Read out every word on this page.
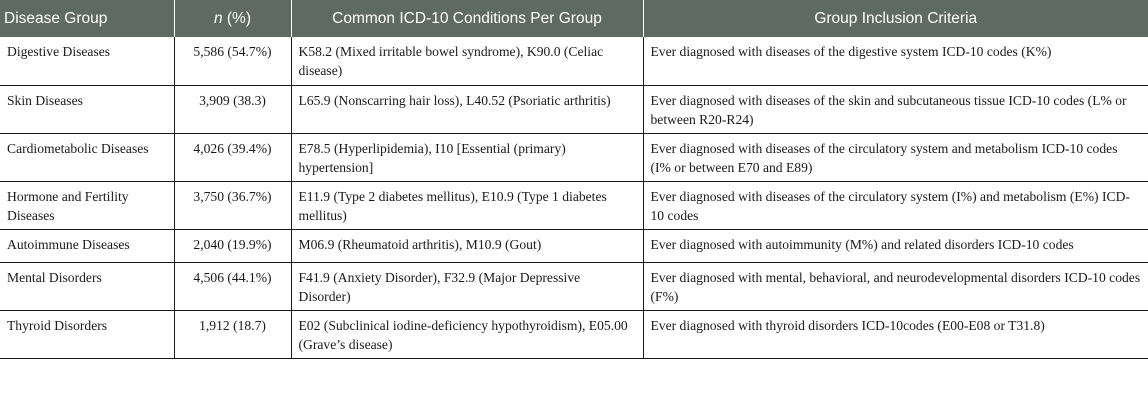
Disease Group	n (%)	Common ICD-10 Conditions Per Group	Group Inclusion Criteria
Digestive Diseases	5,586 (54.7%)	K58.2 (Mixed irritable bowel syndrome), K90.0 (Celiac disease)	Ever diagnosed with diseases of the digestive system ICD-10 codes (K%)
Skin Diseases	3,909 (38.3)	L65.9 (Nonscarring hair loss), L40.52 (Psoriatic arthritis)	Ever diagnosed with diseases of the skin and subcutaneous tissue ICD-10 codes (L% or between R20-R24)
Cardiometabolic Diseases	4,026 (39.4%)	E78.5 (Hyperlipidemia), I10 [Essential (primary) hypertension]	Ever diagnosed with diseases of the circulatory system and metabolism ICD-10 codes (I% or between E70 and E89)
Hormone and Fertility Diseases	3,750 (36.7%)	E11.9 (Type 2 diabetes mellitus), E10.9 (Type 1 diabetes mellitus)	Ever diagnosed with diseases of the circulatory system (I%) and metabolism (E%) ICD-10 codes
Autoimmune Diseases	2,040 (19.9%)	M06.9 (Rheumatoid arthritis), M10.9 (Gout)	Ever diagnosed with autoimmunity (M%) and related disorders ICD-10 codes
Mental Disorders	4,506 (44.1%)	F41.9 (Anxiety Disorder), F32.9 (Major Depressive Disorder)	Ever diagnosed with mental, behavioral, and neurodevelopmental disorders ICD-10 codes (F%)
Thyroid Disorders	1,912 (18.7)	E02 (Subclinical iodine-deficiency hypothyroidism), E05.00 (Grave’s disease)	Ever diagnosed with thyroid disorders ICD-10codes (E00-E08 or T31.8)
